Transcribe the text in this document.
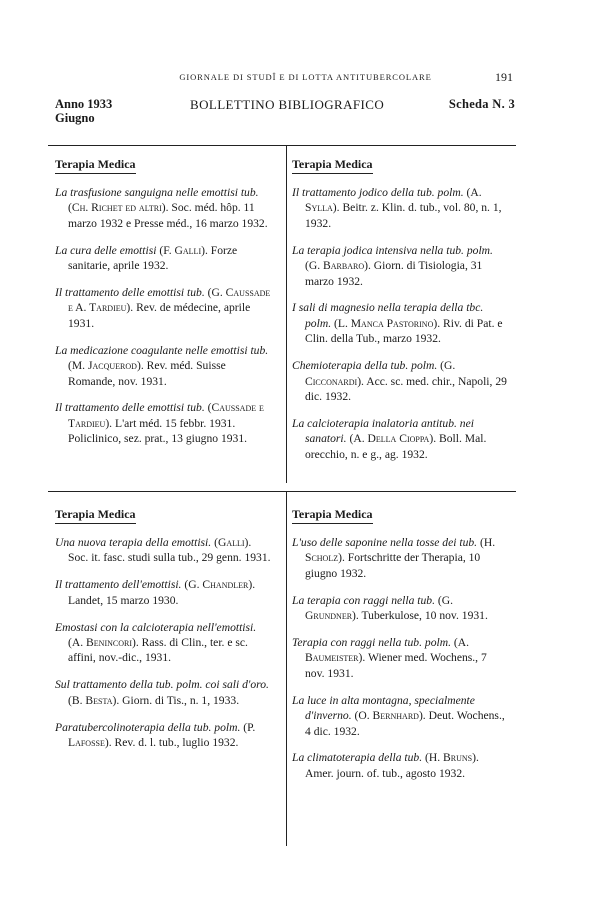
GIORNALE DI STUDÎ E DI LOTTA ANTITUBERCOLARE	191
Anno 1933
Giugno
BOLLETTINO BIBLIOGRAFICO	Scheda N. 3
Terapia Medica

La trasfusione sanguigna nelle emottisi tub. (Ch. Richet ed altri). Soc. méd. hôp. 11 marzo 1932 e Presse méd., 16 marzo 1932.

La cura delle emottisi (F. Galli). Forze sanitarie, aprile 1932.

Il trattamento delle emottisi tub. (G. Caussade e A. Tardieu). Rev. de médecine, aprile 1931.

La medicazione coagulante nelle emottisi tub. (M. Jacquerod). Rev. méd. Suisse Romande, nov. 1931.

Il trattamento delle emottisi tub. (Caussade e Tardieu). L'art méd. 15 febbr. 1931. Policlinico, sez. prat., 13 giugno 1931.

Terapia Medica

Il trattamento jodico della tub. polm. (A. Sylla). Beitr. z. Klin. d. tub., vol. 80, n. 1, 1932.

La terapia jodica intensiva nella tub. polm. (G. Barbaro). Giorn. di Tisiologia, 31 marzo 1932.

I sali di magnesio nella terapia della tbc. polm. (L. Manca Pastorino). Riv. di Pat. e Clin. della Tub., marzo 1932.

Chemioterapia della tub. polm. (G. Cicconardi). Acc. sc. med. chir., Napoli, 29 dic. 1932.

La calcioterapia inalatoria antitub. nei sanatori. (A. Della Cioppa). Boll. Mal. orecchio, n. e g., ag. 1932.

Terapia Medica

Una nuova terapia della emottisi. (Galli). Soc. it. fasc. studi sulla tub., 29 genn. 1931.

Il trattamento dell'emottisi. (G. Chandler). Landet, 15 marzo 1930.

Emostasi con la calcioterapia nell'emottisi. (A. Benincori). Rass. di Clin., ter. e sc. affini, nov.-dic., 1931.

Sul trattamento della tub. polm. coi sali d'oro. (B. Besta). Giorn. di Tis., n. 1, 1933.

Paratubercolinoterapia della tub. polm. (P. Lafosse). Rev. d. l. tub., luglio 1932.

Terapia Medica

L'uso delle saponine nella tosse dei tub. (H. Scholz). Fortschritte der Therapia, 10 giugno 1932.

La terapia con raggi nella tub. (G. Grundner). Tuberkulose, 10 nov. 1931.

Terapia con raggi nella tub. polm. (A. Baumeister). Wiener med. Wochens., 7 nov. 1931.

La luce in alta montagna, specialmente d'inverno. (O. Bernhard). Deut. Wochens., 4 dic. 1932.

La climatoterapia della tub. (H. Bruns). Amer. journ. of. tub., agosto 1932.
